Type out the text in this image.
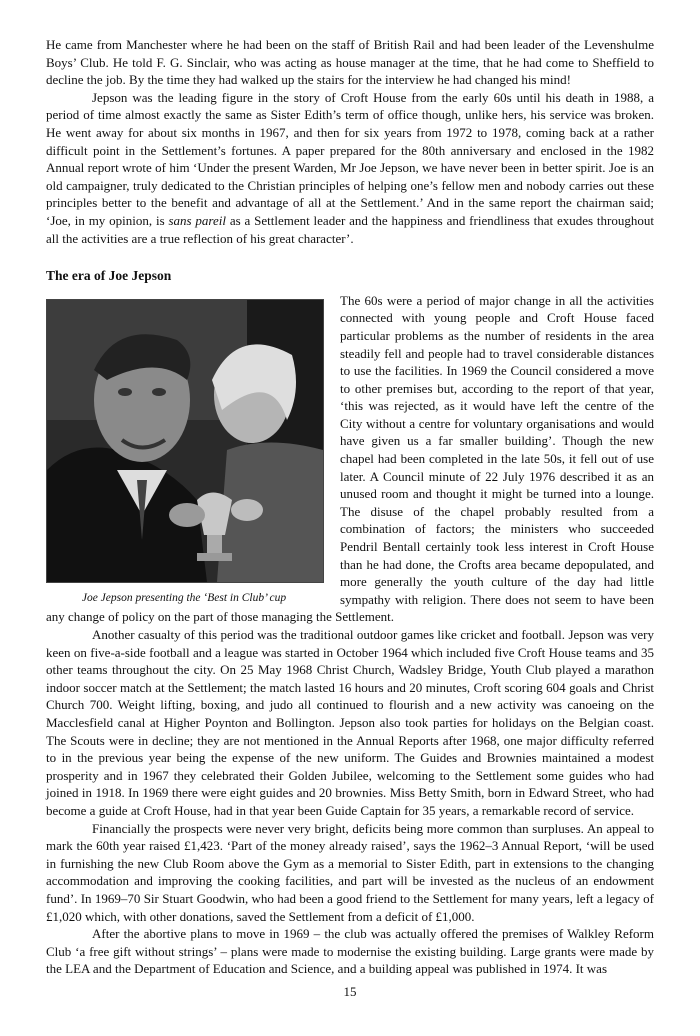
He came from Manchester where he had been on the staff of British Rail and had been leader of the Levenshulme Boys’ Club. He told F. G. Sinclair, who was acting as house manager at the time, that he had come to Sheffield to decline the job. By the time they had walked up the stairs for the interview he had changed his mind!

Jepson was the leading figure in the story of Croft House from the early 60s until his death in 1988, a period of time almost exactly the same as Sister Edith’s term of office though, unlike hers, his service was broken. He went away for about six months in 1967, and then for six years from 1972 to 1978, coming back at a rather difficult point in the Settlement’s fortunes. A paper prepared for the 80th anniversary and enclosed in the 1982 Annual report wrote of him ‘Under the present Warden, Mr Joe Jepson, we have never been in better spirit. Joe is an old campaigner, truly dedicated to the Christian principles of helping one’s fellow men and nobody carries out these principles better to the benefit and advantage of all at the Settlement.’ And in the same report the chairman said; ‘Joe, in my opinion, is sans pareil as a Settlement leader and the happiness and friendliness that exudes throughout all the activities are a true reflection of his great character’.

The era of Joe Jepson

Joe Jepson presenting the ‘Best in Club’ cup
The 60s were a period of major change in all the activities connected with young people and Croft House faced particular problems as the number of residents in the area steadily fell and people had to travel considerable distances to use the facilities. In 1969 the Council considered a move to other premises but, according to the report of that year, ‘this was rejected, as it would have left the centre of the City without a centre for voluntary organisations and would have given us a far smaller building’. Though the new chapel had been completed in the late 50s, it fell out of use later. A Council minute of 22 July 1976 described it as an unused room and thought it might be turned into a lounge. The disuse of the chapel probably resulted from a combination of factors; the ministers who succeeded Pendril Bentall certainly took less interest in Croft House than he had done, the Crofts area became depopulated, and more generally the youth culture of the day had little sympathy with religion. There does not seem to have been any change of policy on the part of those managing the Settlement.

Another casualty of this period was the traditional outdoor games like cricket and football. Jepson was very keen on five-a-side football and a league was started in October 1964 which included five Croft House teams and 35 other teams throughout the city. On 25 May 1968 Christ Church, Wadsley Bridge, Youth Club played a marathon indoor soccer match at the Settlement; the match lasted 16 hours and 20 minutes, Croft scoring 604 goals and Christ Church 700. Weight lifting, boxing, and judo all continued to flourish and a new activity was canoeing on the Macclesfield canal at Higher Poynton and Bollington. Jepson also took parties for holidays on the Belgian coast. The Scouts were in decline; they are not mentioned in the Annual Reports after 1968, one major difficulty referred to in the previous year being the expense of the new uniform. The Guides and Brownies maintained a modest prosperity and in 1967 they celebrated their Golden Jubilee, welcoming to the Settlement some guides who had joined in 1918. In 1969 there were eight guides and 20 brownies. Miss Betty Smith, born in Edward Street, who had become a guide at Croft House, had in that year been Guide Captain for 35 years, a remarkable record of service.

Financially the prospects were never very bright, deficits being more common than surpluses. An appeal to mark the 60th year raised £1,423. ‘Part of the money already raised’, says the 1962–3 Annual Report, ‘will be used in furnishing the new Club Room above the Gym as a memorial to Sister Edith, part in extensions to the changing accommodation and improving the cooking facilities, and part will be invested as the nucleus of an endowment fund’. In 1969–70 Sir Stuart Goodwin, who had been a good friend to the Settlement for many years, left a legacy of £1,020 which, with other donations, saved the Settlement from a deficit of £1,000.

After the abortive plans to move in 1969 – the club was actually offered the premises of Walkley Reform Club ‘a free gift without strings’ – plans were made to modernise the existing building. Large grants were made by the LEA and the Department of Education and Science, and a building appeal was published in 1974. It was

15
